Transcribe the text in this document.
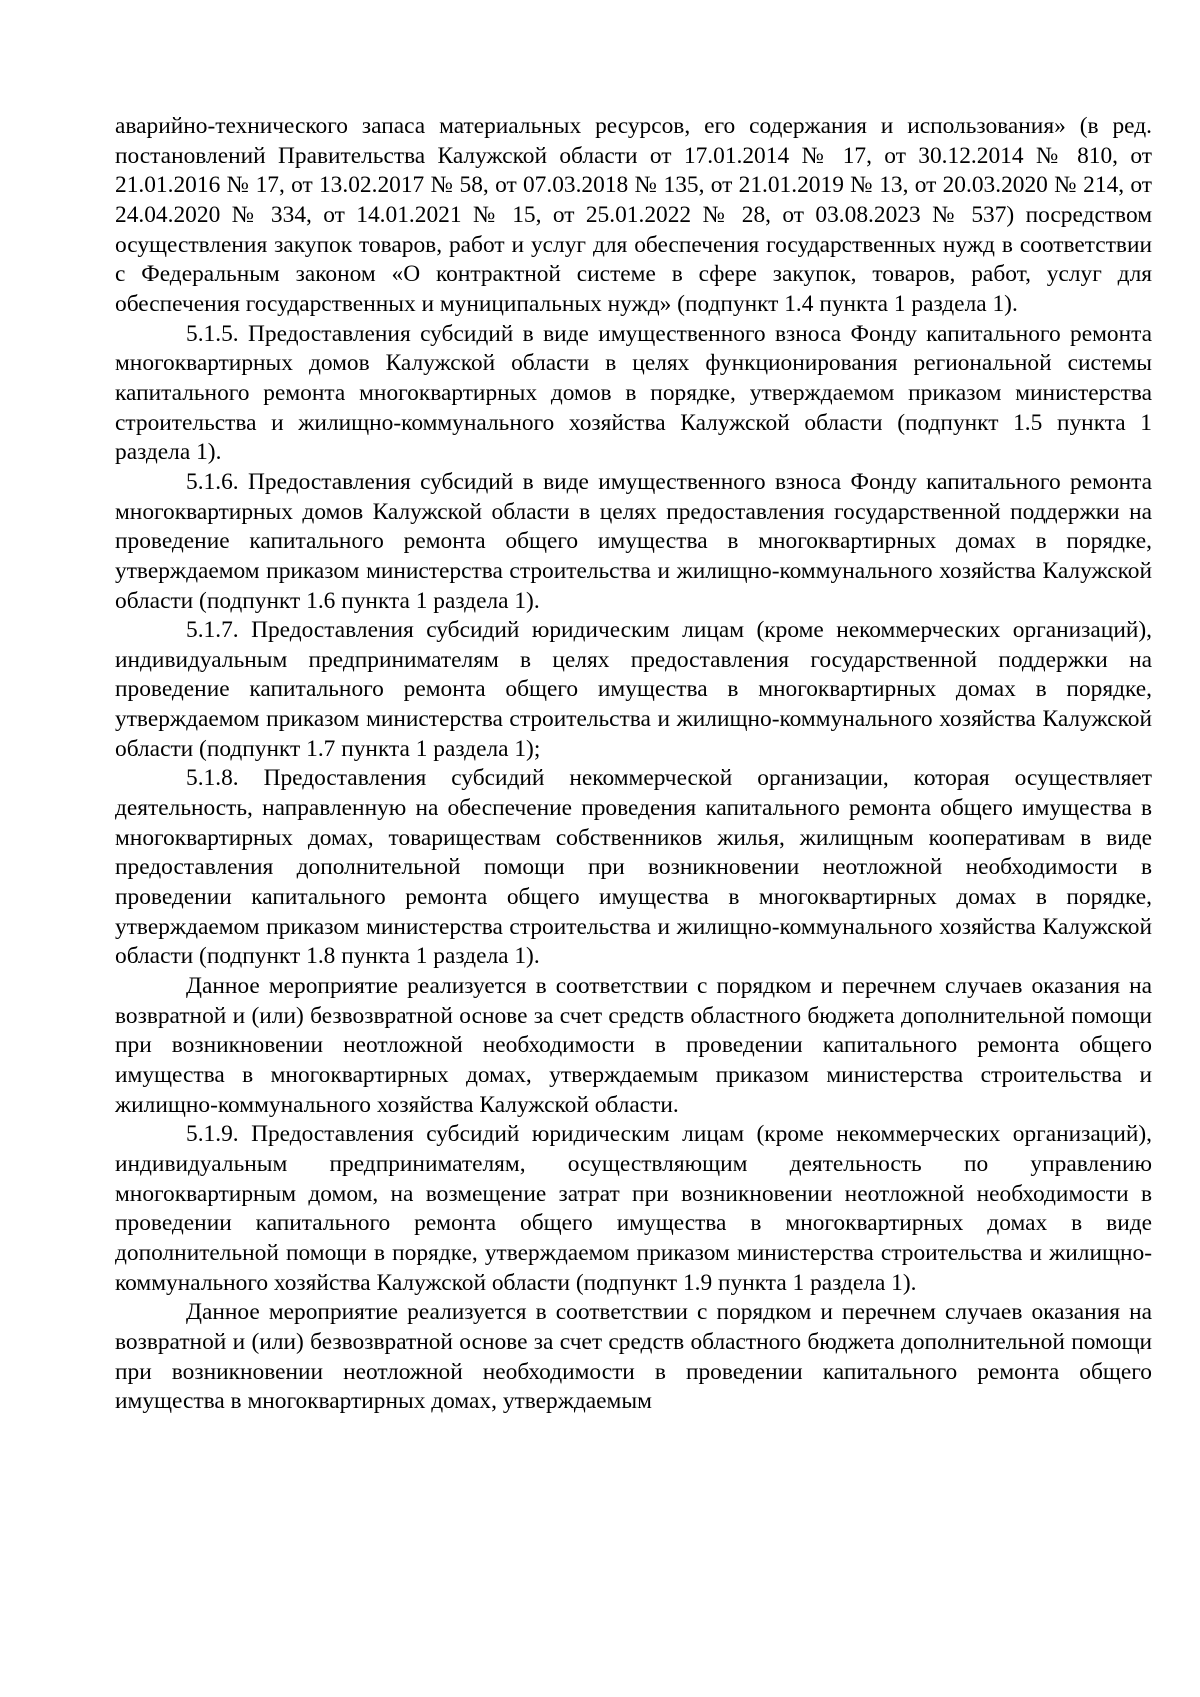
аварийно-технического запаса материальных ресурсов, его содержания и использования» (в ред. постановлений Правительства Калужской области от 17.01.2014 № 17, от 30.12.2014 № 810, от 21.01.2016 № 17, от 13.02.2017 № 58, от 07.03.2018 № 135, от 21.01.2019 № 13, от 20.03.2020 № 214, от 24.04.2020 № 334, от 14.01.2021 № 15, от 25.01.2022 № 28, от 03.08.2023 № 537) посредством осуществления закупок товаров, работ и услуг для обеспечения государственных нужд в соответствии с Федеральным законом «О контрактной системе в сфере закупок, товаров, работ, услуг для обеспечения государственных и муниципальных нужд» (подпункт 1.4 пункта 1 раздела 1).

5.1.5. Предоставления субсидий в виде имущественного взноса Фонду капитального ремонта многоквартирных домов Калужской области в целях функционирования региональной системы капитального ремонта многоквартирных домов в порядке, утверждаемом приказом министерства строительства и жилищно-коммунального хозяйства Калужской области (подпункт 1.5 пункта 1 раздела 1).

5.1.6. Предоставления субсидий в виде имущественного взноса Фонду капитального ремонта многоквартирных домов Калужской области в целях предоставления государственной поддержки на проведение капитального ремонта общего имущества в многоквартирных домах в порядке, утверждаемом приказом министерства строительства и жилищно-коммунального хозяйства Калужской области (подпункт 1.6 пункта 1 раздела 1).

5.1.7. Предоставления субсидий юридическим лицам (кроме некоммерческих организаций), индивидуальным предпринимателям в целях предоставления государственной поддержки на проведение капитального ремонта общего имущества в многоквартирных домах в порядке, утверждаемом приказом министерства строительства и жилищно-коммунального хозяйства Калужской области (подпункт 1.7 пункта 1 раздела 1);

5.1.8. Предоставления субсидий некоммерческой организации, которая осуществляет деятельность, направленную на обеспечение проведения капитального ремонта общего имущества в многоквартирных домах, товариществам собственников жилья, жилищным кооперативам в виде предоставления дополнительной помощи при возникновении неотложной необходимости в проведении капитального ремонта общего имущества в многоквартирных домах в порядке, утверждаемом приказом министерства строительства и жилищно-коммунального хозяйства Калужской области (подпункт 1.8 пункта 1 раздела 1).

Данное мероприятие реализуется в соответствии с порядком и перечнем случаев оказания на возвратной и (или) безвозвратной основе за счет средств областного бюджета дополнительной помощи при возникновении неотложной необходимости в проведении капитального ремонта общего имущества в многоквартирных домах, утверждаемым приказом министерства строительства и жилищно-коммунального хозяйства Калужской области.

5.1.9. Предоставления субсидий юридическим лицам (кроме некоммерческих организаций), индивидуальным предпринимателям, осуществляющим деятельность по управлению многоквартирным домом, на возмещение затрат при возникновении неотложной необходимости в проведении капитального ремонта общего имущества в многоквартирных домах в виде дополнительной помощи в порядке, утверждаемом приказом министерства строительства и жилищно-коммунального хозяйства Калужской области (подпункт 1.9 пункта 1 раздела 1).

Данное мероприятие реализуется в соответствии с порядком и перечнем случаев оказания на возвратной и (или) безвозвратной основе за счет средств областного бюджета дополнительной помощи при возникновении неотложной необходимости в проведении капитального ремонта общего имущества в многоквартирных домах, утверждаемым
